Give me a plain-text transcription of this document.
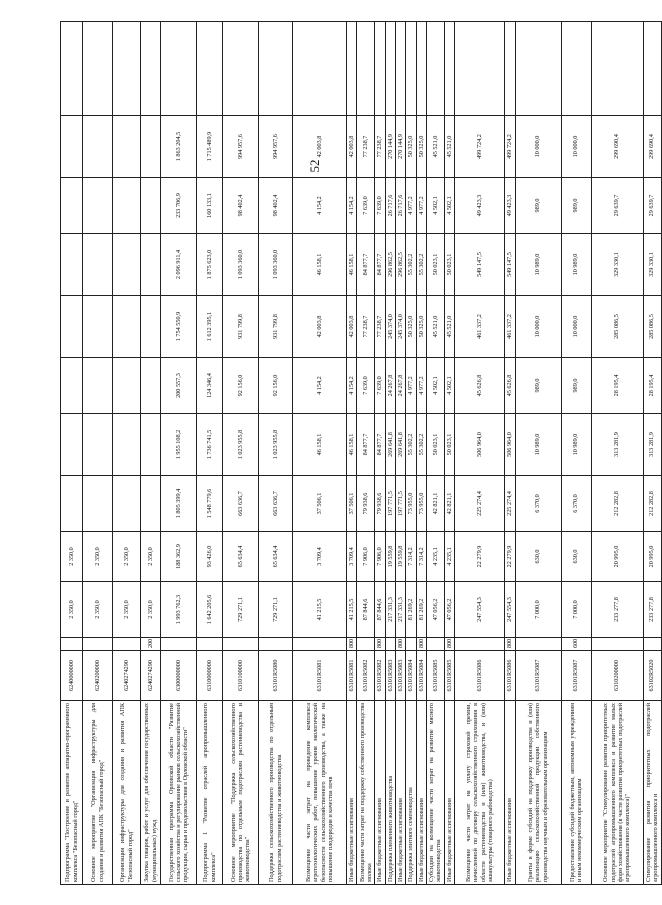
52
Подпрограмма "Построение и развитие аппаратно-программного комплекса "Безопасный город"	6240000000		2 350,0	2 350,0								
Основное мероприятие "Организация инфраструктуры для создания и развития АПК "Безопасный город"	6240200000		2 350,0	2 350,0								
Организация инфраструктуры для создания и развития АПК "Безопасный город"	6240274290		2 350,0	2 350,0								
Закупка товаров, работ и услуг для обеспечения государственных (муниципальных) нужд	6240274290	200	2 350,0	2 350,0								
Государственная программа Орловской области "Развитие сельского хозяйства и регулирование рынков сельскохозяйственной продукции, сырья и продовольствия в Орловской области"	6300000000		1 993 762,3	188 362,9	1 805 399,4	1 955 108,2	200 557,3	1 754 550,9	2 096 911,4	233 706,9	1 863 204,5	
Подпрограмма 1 "Развитие отраслей агропромышленного комплекса"	6310000000		1 642 205,6	93 426,0	1 548 779,6	1 736 741,5	124 346,4	1 612 395,1	1 875 623,0	160 133,1	1 715 489,9	
Основное мероприятие "Поддержка сельскохозяйственного производства по отдельным подотраслям растениеводства и животноводства"	6310100000		729 271,1	65 634,4	663 636,7	1 023 955,8	92 156,0	931 799,8	1 093 360,0	98 402,4	994 957,6	
Поддержка сельскохозяйственного производства по отдельным подотраслям растениеводства и животноводства	63101R5080		729 271,1	65 634,4	663 636,7	1 023 955,8	92 156,0	931 799,8	1 093 360,0	98 402,4	994 957,6	
Возмещение части затрат на проведение комплекса агротехнологических работ, повышение уровня экологической безопасности сельскохозяйственного производства, а также на повышение плодородия и качества почв	63101R5081		41 215,5	3 709,4	37 506,1	46 158,1	4 154,2	42 003,8	46 158,1	4 154,2	42 003,8	
Иные бюджетные ассигнования	63101R5081	800	41 215,5	3 709,4	37 506,1	46 158,1	4 154,2	42 003,8	46 158,1	4 154,2	42 003,8	
Возмещение части затрат на поддержку собственного производства молока	63101R5082		87 844,6	7 906,0	79 938,6	84 877,7	7 639,0	77 238,7	84 877,7	7 639,0	77 238,7	
Иные бюджетные ассигнования	63101R5082	800	87 844,6	7 906,0	79 938,6	84 877,7	7 639,0	77 238,7	84 877,7	7 639,0	77 238,7	
Поддержка племенного животноводства	63101R5083		217 331,3	19 559,8	197 771,5	269 641,8	24 267,8	245 374,0	296 862,5	26 717,6	270 144,9	
Иные бюджетные ассигнования	63101R5083	800	217 331,3	19 559,8	197 771,5	269 641,8	24 267,8	245 374,0	296 862,5	26 717,6	270 144,9	
Поддержка элитного семеноводства	63101R5084		81 269,2	7 314,2	73 955,0	55 302,2	4 977,2	50 325,0	55 302,2	4 977,2	50 325,0	
Иные бюджетные ассигнования	63101R5084	800	81 269,2	7 314,2	73 955,0	55 302,2	4 977,2	50 325,0	55 302,2	4 977,2	50 325,0	
Субсидии на возмещение части затрат на развитие мясного животноводства	63101R5085		47 056,2	4 235,1	42 821,1	50 023,1	4 502,1	45 521,0	50 023,1	4 502,1	45 521,0	
Иные бюджетные ассигнования	63101R5085	800	47 056,2	4 235,1	42 821,1	50 023,1	4 502,1	45 521,0	50 023,1	4 502,1	45 521,0	
Возмещение части затрат на уплату страховой премии, начисленной по договору сельскохозяйственного страхования в области растениеводства и (или) животноводства, и (или) аквакультуры (товарного рыбоводства)	63101R5086		247 554,3	22 279,9	225 274,4	506 964,0	45 626,8	461 337,2	549 147,5	49 423,3	499 724,2	
Иные бюджетные ассигнования	63101R5086	800	247 554,3	22 279,9	225 274,4	506 964,0	45 626,8	461 337,2	549 147,5	49 423,3	499 724,2	
Гранты в форме субсидий на поддержку производства и (или) реализацию сельскохозяйственной продукции собственного производства научным и образовательным организациям	63101R5087		7 000,0	630,0	6 370,0	10 989,0	989,0	10 000,0	10 989,0	989,0	10 000,0	
Предоставление субсидий бюджетным, автономным учреждениям и иным некоммерческим организациям	63101R5087	600	7 000,0	630,0	6 370,0	10 989,0	989,0	10 000,0	10 989,0	989,0	10 000,0	
Основное мероприятие "Стимулирование развития приоритетных подотраслей агропромышленного комплекса и развитие малых форм хозяйствования (в части развития приоритетных подотраслей агропромышленного комплекса)"	6310200000		233 277,8	20 995,0	212 282,8	313 281,9	28 195,4	285 086,5	329 330,1	29 639,7	299 690,4	
Стимулирование развития приоритетных подотраслей агропромышленного комплекса и	63102R5020		233 277,8	20 995,0	212 282,8	313 281,9	28 195,4	285 086,5	329 330,1	29 639,7	299 690,4	
